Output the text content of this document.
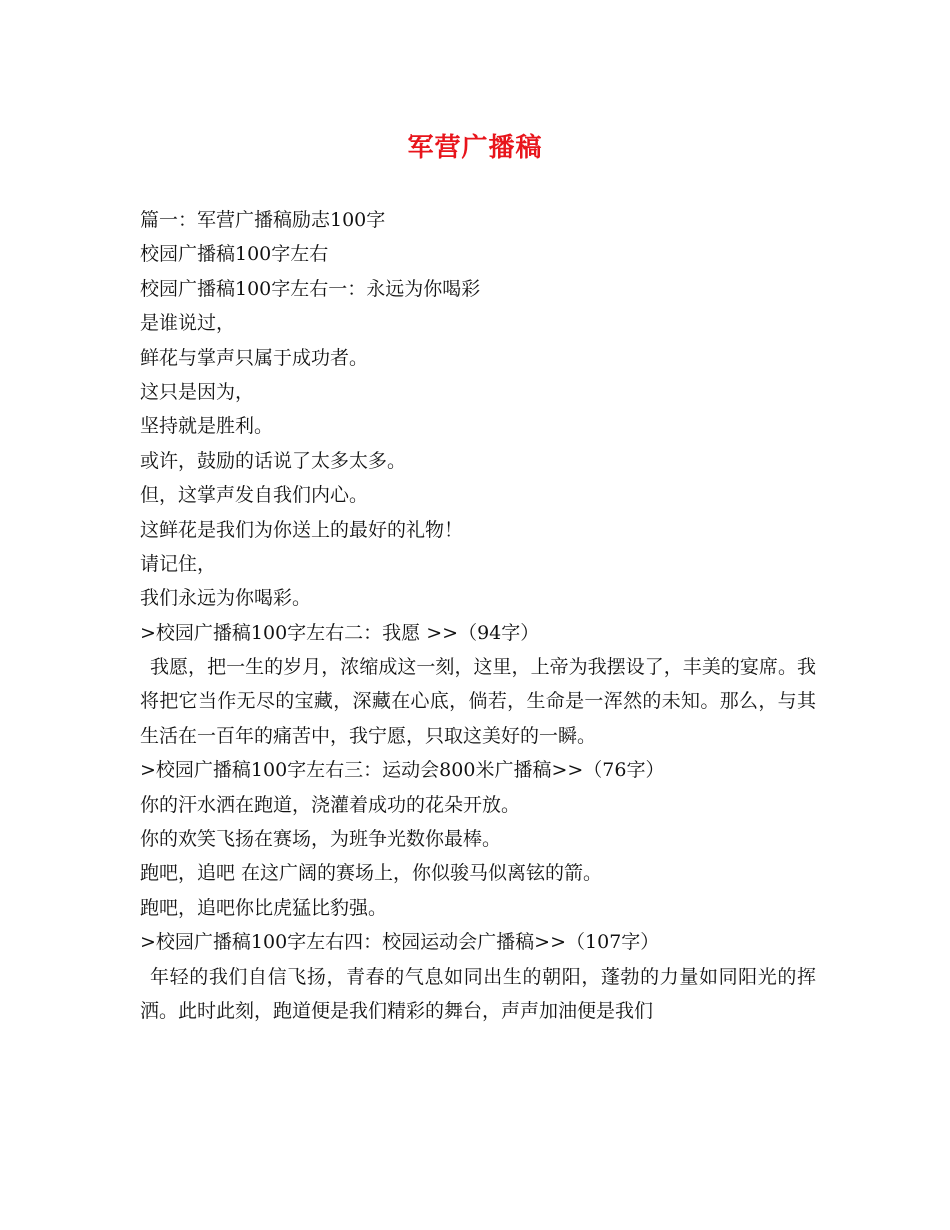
军营广播稿
篇一：军营广播稿励志100字
校园广播稿100字左右
校园广播稿100字左右一：永远为你喝彩
是谁说过，
鲜花与掌声只属于成功者。
这只是因为，
坚持就是胜利。
或许，鼓励的话说了太多太多。
但，这掌声发自我们内心。
这鲜花是我们为你送上的最好的礼物！
请记住，
我们永远为你喝彩。
>校园广播稿100字左右二：我愿 >>（94字）

我愿，把一生的岁月，浓缩成这一刻，这里，上帝为我摆设了，丰美的宴席。我将把它当作无尽的宝藏，深藏在心底，倘若，生命是一浑然的未知。那么，与其生活在一百年的痛苦中，我宁愿，只取这美好的一瞬。

>校园广播稿100字左右三：运动会800米广播稿>>（76字）
你的汗水洒在跑道，浇灌着成功的花朵开放。
你的欢笑飞扬在赛场，为班争光数你最棒。
跑吧，追吧 在这广阔的赛场上，你似骏马似离铉的箭。
跑吧，追吧你比虎猛比豹强。
>校园广播稿100字左右四：校园运动会广播稿>>（107字）

年轻的我们自信飞扬，青春的气息如同出生的朝阳，蓬勃的力量如同阳光的挥洒。此时此刻，跑道便是我们精彩的舞台，声声加油便是我们
